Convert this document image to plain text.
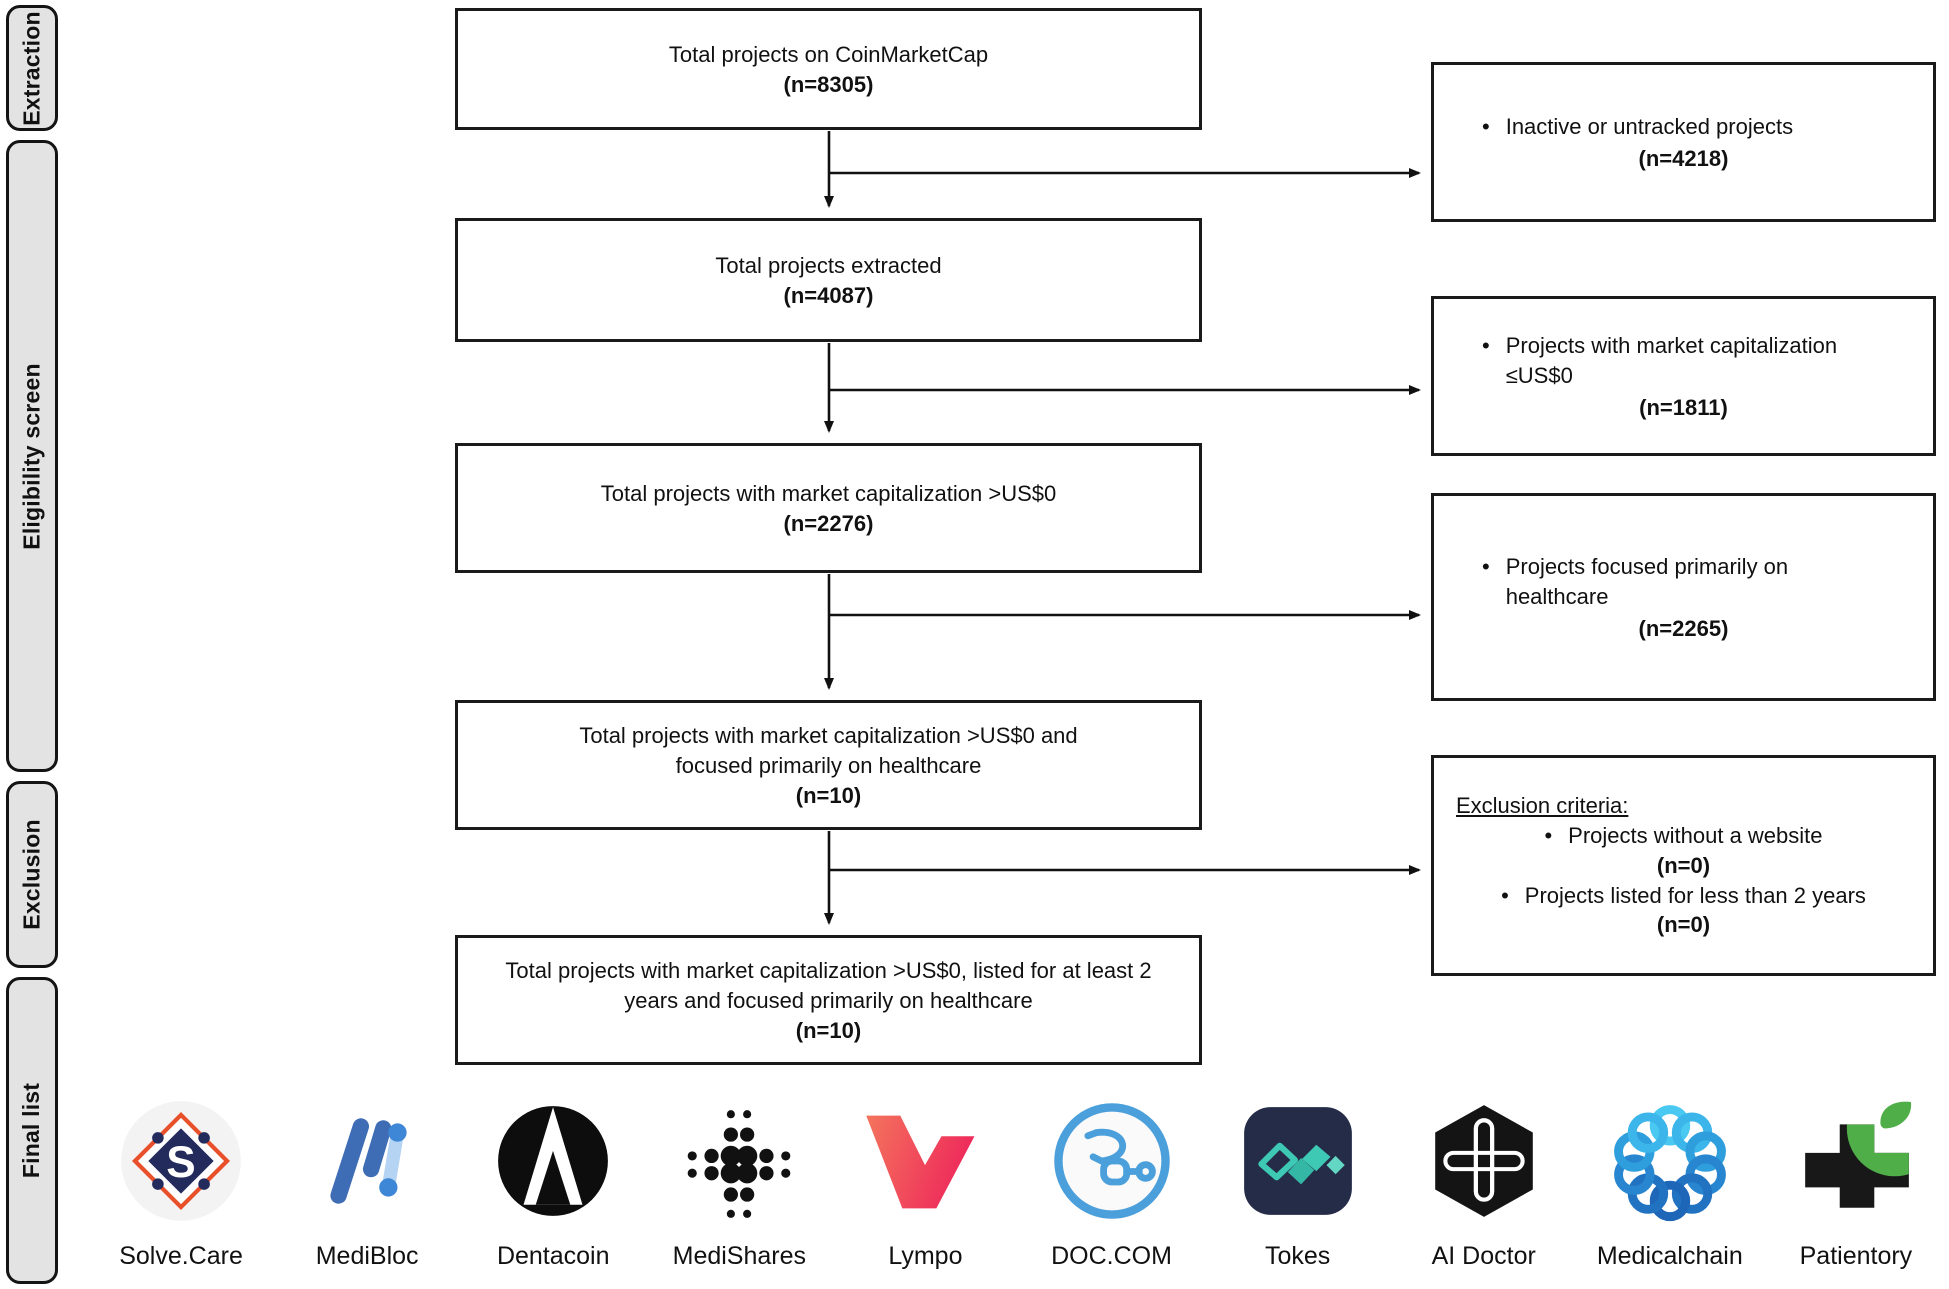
Extraction
Eligibility screen
Exclusion
Final list
Total projects on CoinMarketCap
(n=8305)
Total projects extracted
(n=4087)
Total projects with market capitalization >US$0
(n=2276)
Total projects with market capitalization >US$0 and focused primarily on healthcare
(n=10)
Total projects with market capitalization >US$0, listed for at least 2 years and focused primarily on healthcare
(n=10)
• Inactive or untracked projects
(n=4218)
• Projects with market capitalization ≤US$0
(n=1811)
• Projects focused primarily on healthcare
(n=2265)
Exclusion criteria:
• Projects without a website
(n=0)
• Projects listed for less than 2 years
(n=0)
S
Solve.Care	MediBloc	Dentacoin	MediShares	Lympo	DOC.COM	Tokes	AI Doctor Medicalchain Patientory
